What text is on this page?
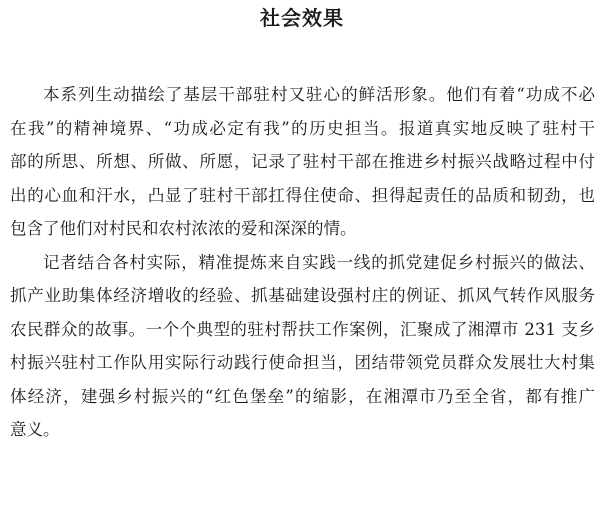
社会效果
本系列生动描绘了基层干部驻村又驻心的鲜活形象。他们有着“功成不必
在我”的精神境界、“功成必定有我”的历史担当。报道真实地反映了驻村干
部的所思、所想、所做、所愿，记录了驻村干部在推进乡村振兴战略过程中付
出的心血和汗水，凸显了驻村干部扛得住使命、担得起责任的品质和韧劲，也
包含了他们对村民和农村浓浓的爱和深深的情。
记者结合各村实际，精准提炼来自实践一线的抓党建促乡村振兴的做法、
抓产业助集体经济增收的经验、抓基础建设强村庄的例证、抓风气转作风服务
农民群众的故事。一个个典型的驻村帮扶工作案例，汇聚成了湘潭市 231 支乡
村振兴驻村工作队用实际行动践行使命担当，团结带领党员群众发展壮大村集
体经济，建强乡村振兴的“红色堡垒”的缩影，在湘潭市乃至全省，都有推广
意义。
